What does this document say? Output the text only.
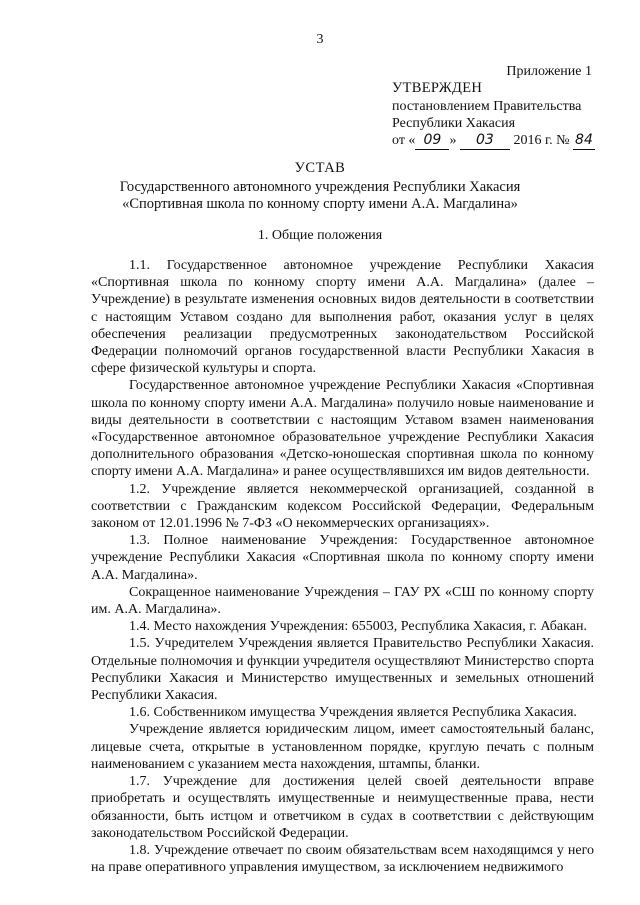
3
Приложение 1
УТВЕРЖДЕН
постановлением Правительства
Республики Хакасия
от « 09 » 03 2016 г. № 84
УСТАВ
Государственного автономного учреждения Республики Хакасия
«Спортивная школа по конному спорту имени А.А. Магдалина»
1. Общие положения

1.1. Государственное автономное учреждение Республики Хакасия «Спортивная школа по конному спорту имени А.А. Магдалина» (далее – Учреждение) в результате изменения основных видов деятельности в соответствии с настоящим Уставом создано для выполнения работ, оказания услуг в целях обеспечения реализации предусмотренных законодательством Российской Федерации полномочий органов государственной власти Республики Хакасия в сфере физической культуры и спорта.

Государственное автономное учреждение Республики Хакасия «Спортивная школа по конному спорту имени А.А. Магдалина» получило новые наименование и виды деятельности в соответствии с настоящим Уставом взамен наименования «Государственное автономное образовательное учреждение Республики Хакасия дополнительного образования «Детско-юношеская спортивная школа по конному спорту имени А.А. Магдалина» и ранее осуществлявшихся им видов деятельности.

1.2. Учреждение является некоммерческой организацией, созданной в соответствии с Гражданским кодексом Российской Федерации, Федеральным законом от 12.01.1996 № 7-ФЗ «О некоммерческих организациях».

1.3. Полное наименование Учреждения: Государственное автономное учреждение Республики Хакасия «Спортивная школа по конному спорту имени А.А. Магдалина».

Сокращенное наименование Учреждения – ГАУ РХ «СШ по конному спорту им. А.А. Магдалина».

1.4. Место нахождения Учреждения: 655003, Республика Хакасия, г. Абакан.

1.5. Учредителем Учреждения является Правительство Республики Хакасия. Отдельные полномочия и функции учредителя осуществляют Министерство спорта Республики Хакасия и Министерство имущественных и земельных отношений Республики Хакасия.

1.6. Собственником имущества Учреждения является Республика Хакасия.

Учреждение является юридическим лицом, имеет самостоятельный баланс, лицевые счета, открытые в установленном порядке, круглую печать с полным наименованием с указанием места нахождения, штампы, бланки.

1.7. Учреждение для достижения целей своей деятельности вправе приобретать и осуществлять имущественные и неимущественные права, нести обязанности, быть истцом и ответчиком в судах в соответствии с действующим законодательством Российской Федерации.

1.8. Учреждение отвечает по своим обязательствам всем находящимся у него на праве оперативного управления имуществом, за исключением недвижимого
